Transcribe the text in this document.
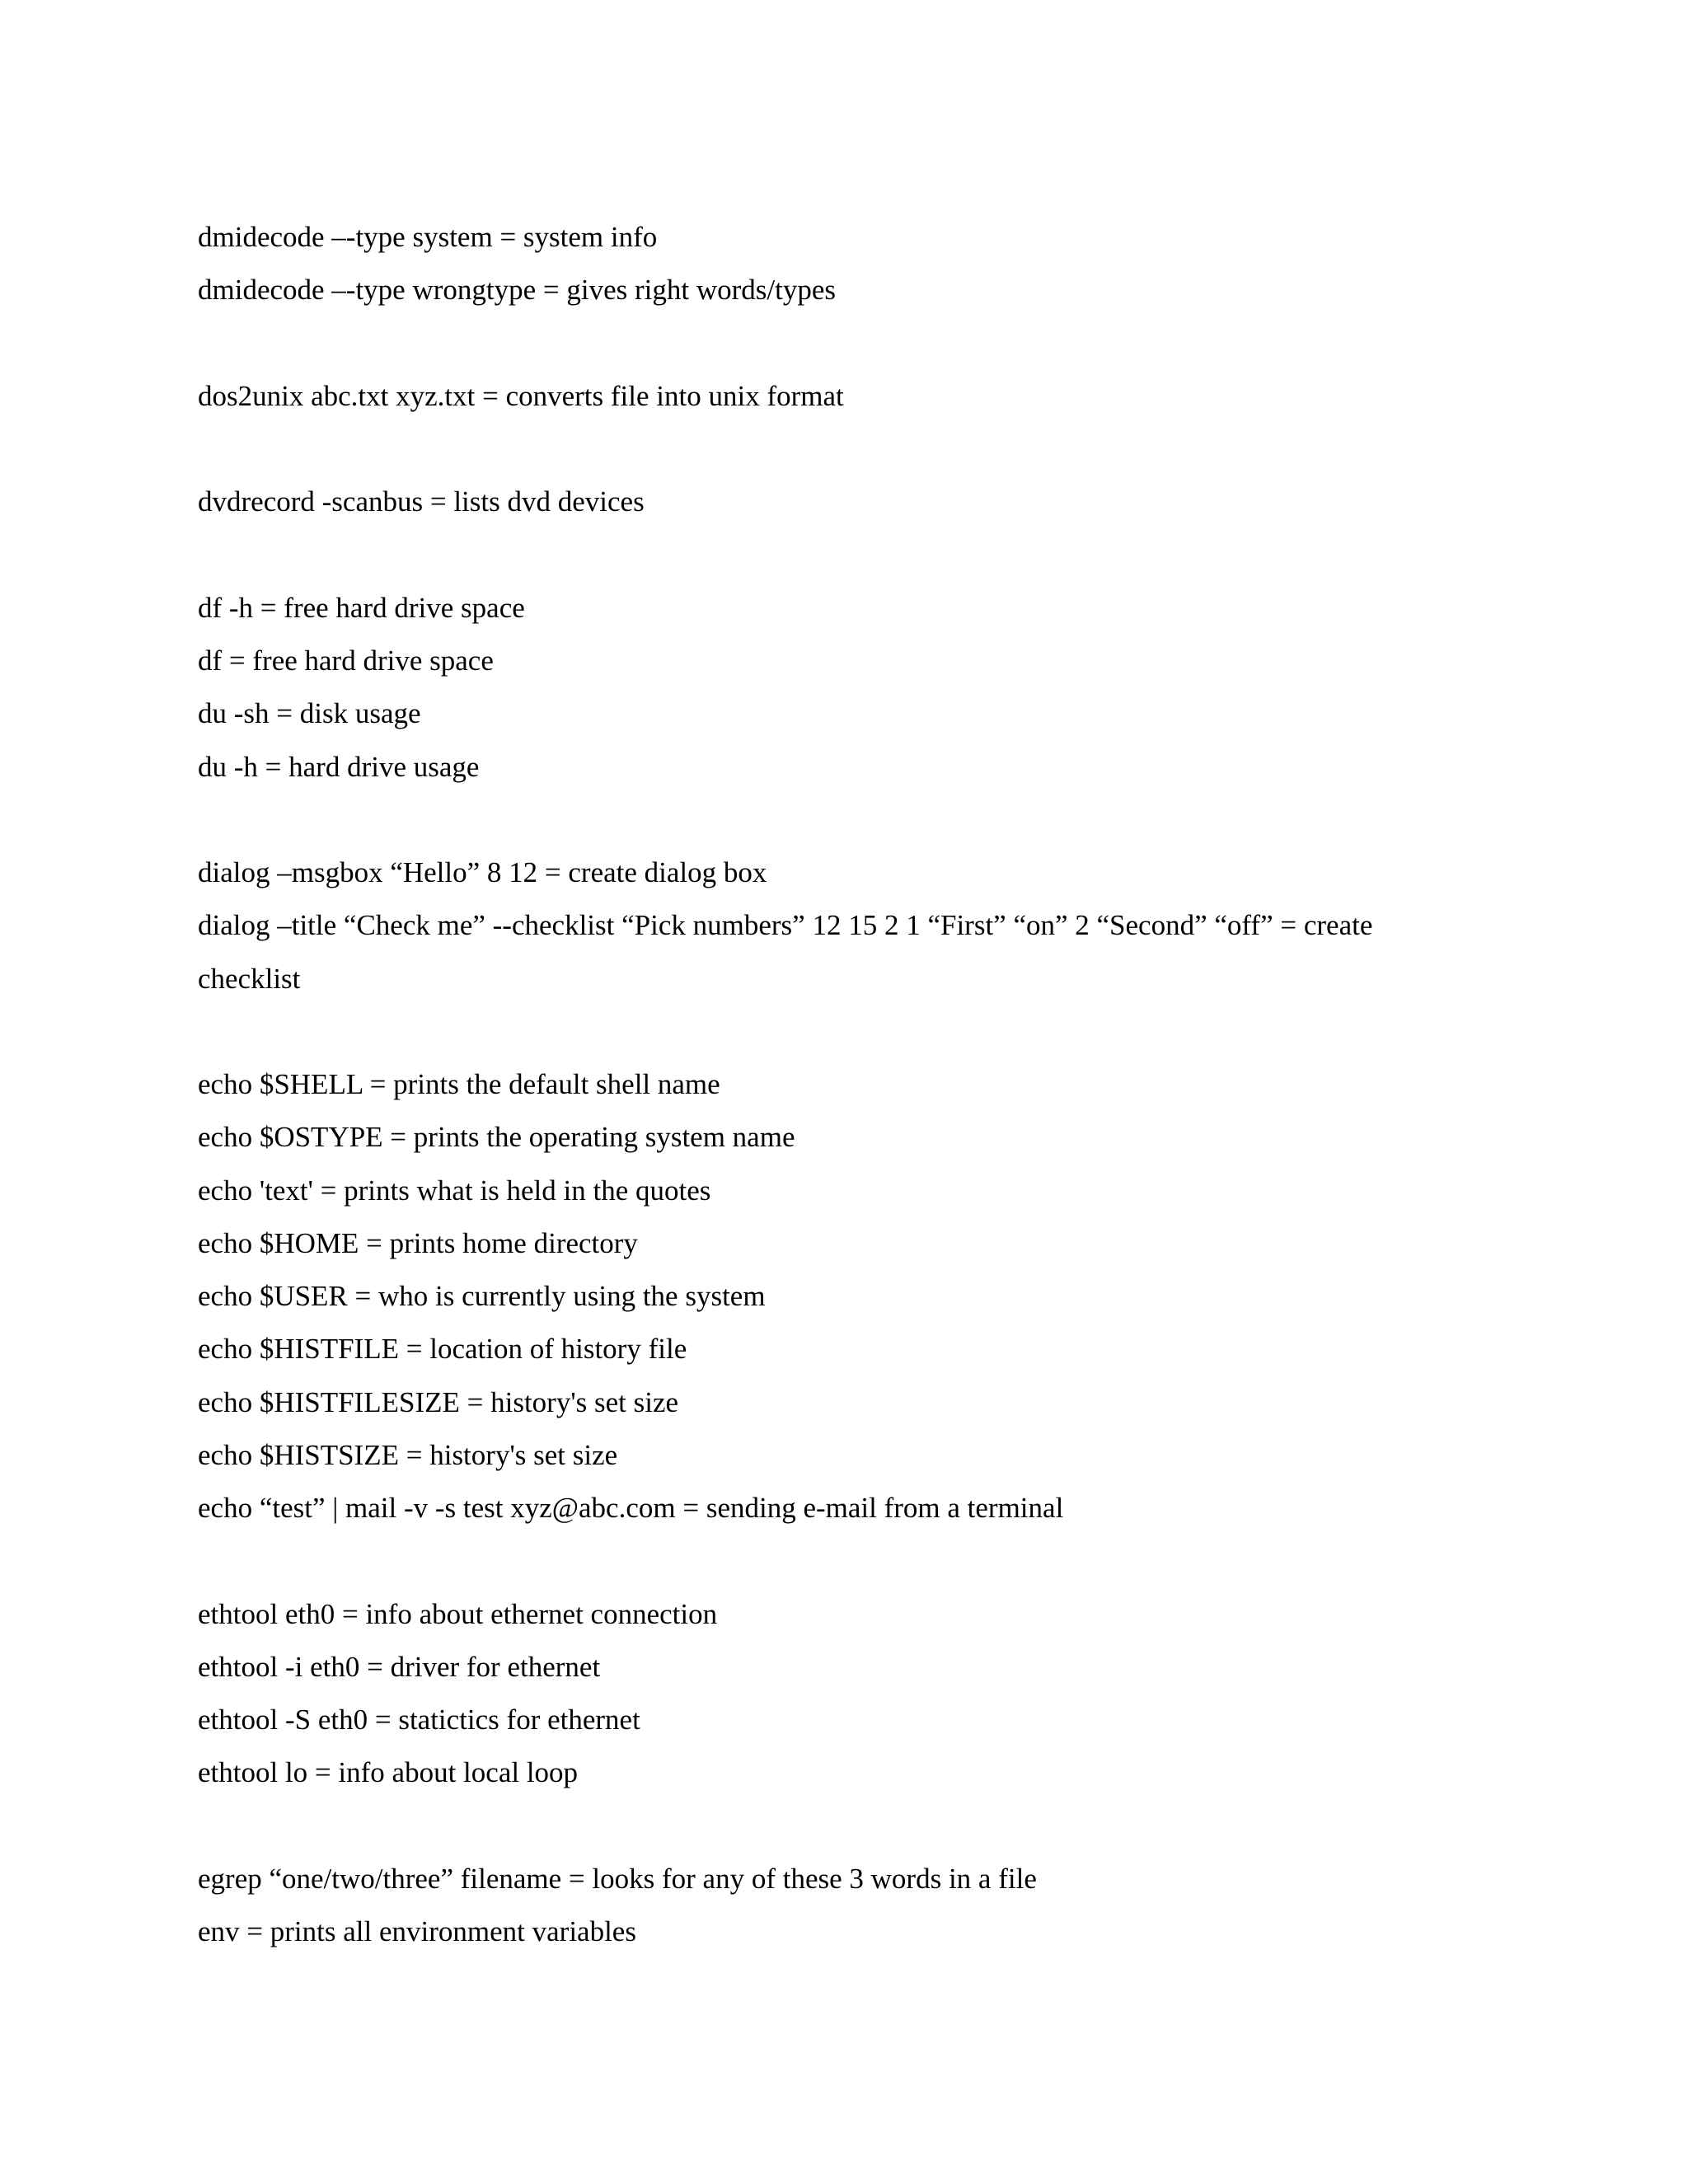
dmidecode –-type system = system info
dmidecode –-type wrongtype = gives right words/types
dos2unix abc.txt xyz.txt = converts file into unix format
dvdrecord -scanbus = lists dvd devices
df -h = free hard drive space
df = free hard drive space
du -sh = disk usage
du -h = hard drive usage
dialog –msgbox “Hello” 8 12 = create dialog box
dialog –title “Check me” --checklist “Pick numbers” 12 15 2 1 “First” “on” 2 “Second” “off” = create
checklist
echo $SHELL = prints the default shell name
echo $OSTYPE = prints the operating system name
echo 'text' = prints what is held in the quotes
echo $HOME = prints home directory
echo $USER = who is currently using the system
echo $HISTFILE = location of history file
echo $HISTFILESIZE = history's set size
echo $HISTSIZE = history's set size
echo “test” | mail -v -s test xyz@abc.com = sending e-mail from a terminal
ethtool eth0 = info about ethernet connection
ethtool -i eth0 = driver for ethernet
ethtool -S eth0 = statictics for ethernet
ethtool lo = info about local loop
egrep “one/two/three” filename = looks for any of these 3 words in a file
env = prints all environment variables
